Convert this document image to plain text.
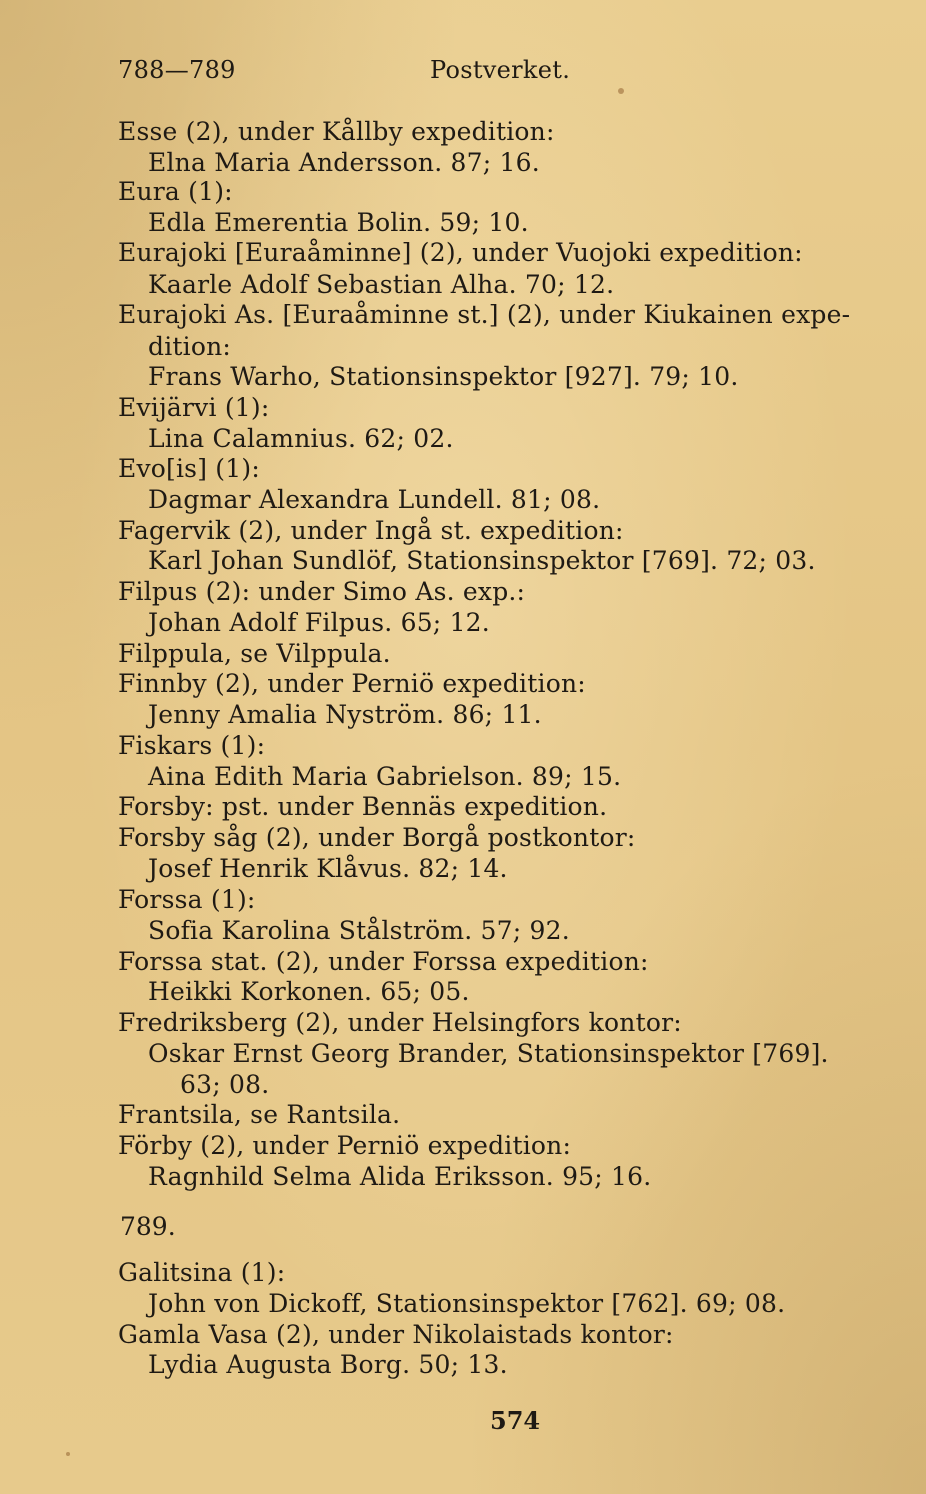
788—789	Postverket.
Esse (2), under Kållby expedition:
Elna Maria Andersson. 87; 16.
Eura (1):
Edla Emerentia Bolin. 59; 10.
Eurajoki [Euraåminne] (2), under Vuojoki expedition:
Kaarle Adolf Sebastian Alha. 70; 12.
Eurajoki As. [Euraåminne st.] (2), under Kiukainen expe-
dition:
Frans Warho, Stationsinspektor [927]. 79; 10.
Evijärvi (1):
Lina Calamnius. 62; 02.
Evo[is] (1):
Dagmar Alexandra Lundell. 81; 08.
Fagervik (2), under Ingå st. expedition:
Karl Johan Sundlöf, Stationsinspektor [769]. 72; 03.
Filpus (2): under Simo As. exp.:
Johan Adolf Filpus. 65; 12.
Filppula, se Vilppula.
Finnby (2), under Perniö expedition:
Jenny Amalia Nyström. 86; 11.
Fiskars (1):
Aina Edith Maria Gabrielson. 89; 15.
Forsby: pst. under Bennäs expedition.
Forsby såg (2), under Borgå postkontor:
Josef Henrik Klåvus. 82; 14.
Forssa (1):
Sofia Karolina Stålström. 57; 92.
Forssa stat. (2), under Forssa expedition:
Heikki Korkonen. 65; 05.
Fredriksberg (2), under Helsingfors kontor:
Oskar Ernst Georg Brander, Stationsinspektor [769].
63; 08.
Frantsila, se Rantsila.
Förby (2), under Perniö expedition:
Ragnhild Selma Alida Eriksson. 95; 16.
789.
Galitsina (1):
John von Dickoff, Stationsinspektor [762]. 69; 08.
Gamla Vasa (2), under Nikolaistads kontor:
Lydia Augusta Borg. 50; 13.
574
